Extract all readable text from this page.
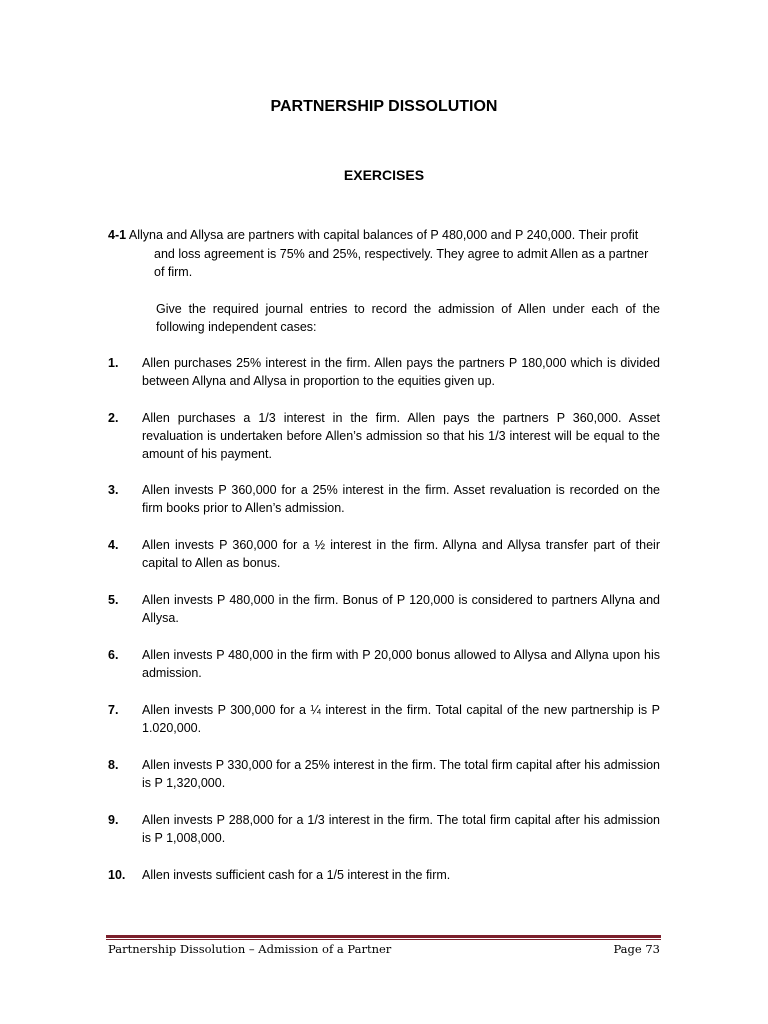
PARTNERSHIP DISSOLUTION
EXERCISES
4-1 Allyna and Allysa are partners with capital balances of P 480,000 and P 240,000. Their profit
and loss agreement is 75% and 25%, respectively. They agree to admit Allen as a partner
of firm.
Give the required journal entries to record the admission of Allen under each of the following independent cases:
1.	Allen purchases 25% interest in the firm. Allen pays the partners P 180,000 which is divided between Allyna and Allysa in proportion to the equities given up.
2.	Allen purchases a 1/3 interest in the firm. Allen pays the partners P 360,000. Asset revaluation is undertaken before Allen’s admission so that his 1/3 interest will be equal to the amount of his payment.
3.	Allen invests P 360,000 for a 25% interest in the firm. Asset revaluation is recorded on the firm books prior to Allen’s admission.
4.	Allen invests P 360,000 for a ½ interest in the firm. Allyna and Allysa transfer part of their capital to Allen as bonus.
5.	Allen invests P 480,000 in the firm. Bonus of P 120,000 is considered to partners Allyna and Allysa.
6.	Allen invests P 480,000 in the firm with P 20,000 bonus allowed to Allysa and Allyna upon his admission.
7.	Allen invests P 300,000 for a ¼ interest in the firm. Total capital of the new partnership is P 1.020,000.
8.	Allen invests P 330,000 for a 25% interest in the firm. The total firm capital after his admission is P 1,320,000.
9.	Allen invests P 288,000 for a 1/3 interest in the firm. The total firm capital after his admission is P 1,008,000.
10.	Allen invests sufficient cash for a 1/5 interest in the firm.
Partnership Dissolution – Admission of a Partner	Page 73
